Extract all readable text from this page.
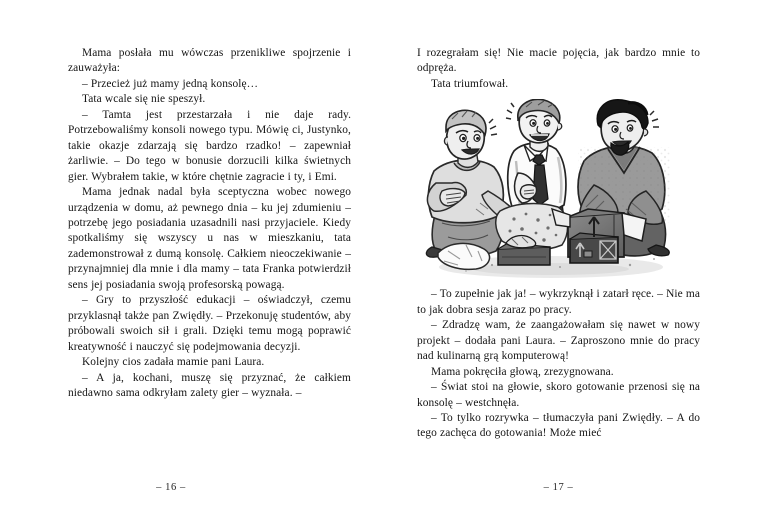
Mama posłała mu wówczas przenikliwe spojrzenie i zauważyła:

– Przecież już mamy jedną konsolę…

Tata wcale się nie speszył.

– Tamta jest przestarzała i nie daje rady. Potrzebowaliśmy konsoli nowego typu. Mówię ci, Justynko, takie okazje zdarzają się bardzo rzadko! – zapewniał żarliwie. – Do tego w bonusie dorzucili kilka świetnych gier. Wybrałem takie, w które chętnie zagracie i ty, i Emi.

Mama jednak nadal była sceptyczna wobec nowego urządzenia w domu, aż pewnego dnia – ku jej zdumieniu – potrzebę jego posiadania uzasadnili nasi przyjaciele. Kiedy spotkaliśmy się wszyscy u nas w mieszkaniu, tata zademonstrował z dumą konsolę. Całkiem nieoczekiwanie – przynajmniej dla mnie i dla mamy – tata Franka potwierdził sens jej posiadania swoją profesorską powagą.

– Gry to przyszłość edukacji – oświadczył, czemu przyklasnął także pan Zwiędły. – Przekonuję studentów, aby próbowali swoich sił i grali. Dzięki temu mogą poprawić kreatywność i nauczyć się podejmowania decyzji.

Kolejny cios zadała mamie pani Laura.

– A ja, kochani, muszę się przyznać, że całkiem niedawno sama odkryłam zalety gier – wyznała. –

– 16 –

I rozegrałam się! Nie macie pojęcia, jak bardzo mnie to odpręża.

Tata triumfował.

– To zupełnie jak ja! – wykrzyknął i zatarł ręce. – Nie ma to jak dobra sesja zaraz po pracy.

– Zdradzę wam, że zaangażowałam się nawet w nowy projekt – dodała pani Laura. – Zaproszono mnie do pracy nad kulinarną grą komputerową!

Mama pokręciła głową, zrezygnowana.

– Świat stoi na głowie, skoro gotowanie przenosi się na konsolę – westchnęła.

– To tylko rozrywka – tłumaczyła pani Zwiędły. – A do tego zachęca do gotowania! Może mieć

– 17 –
